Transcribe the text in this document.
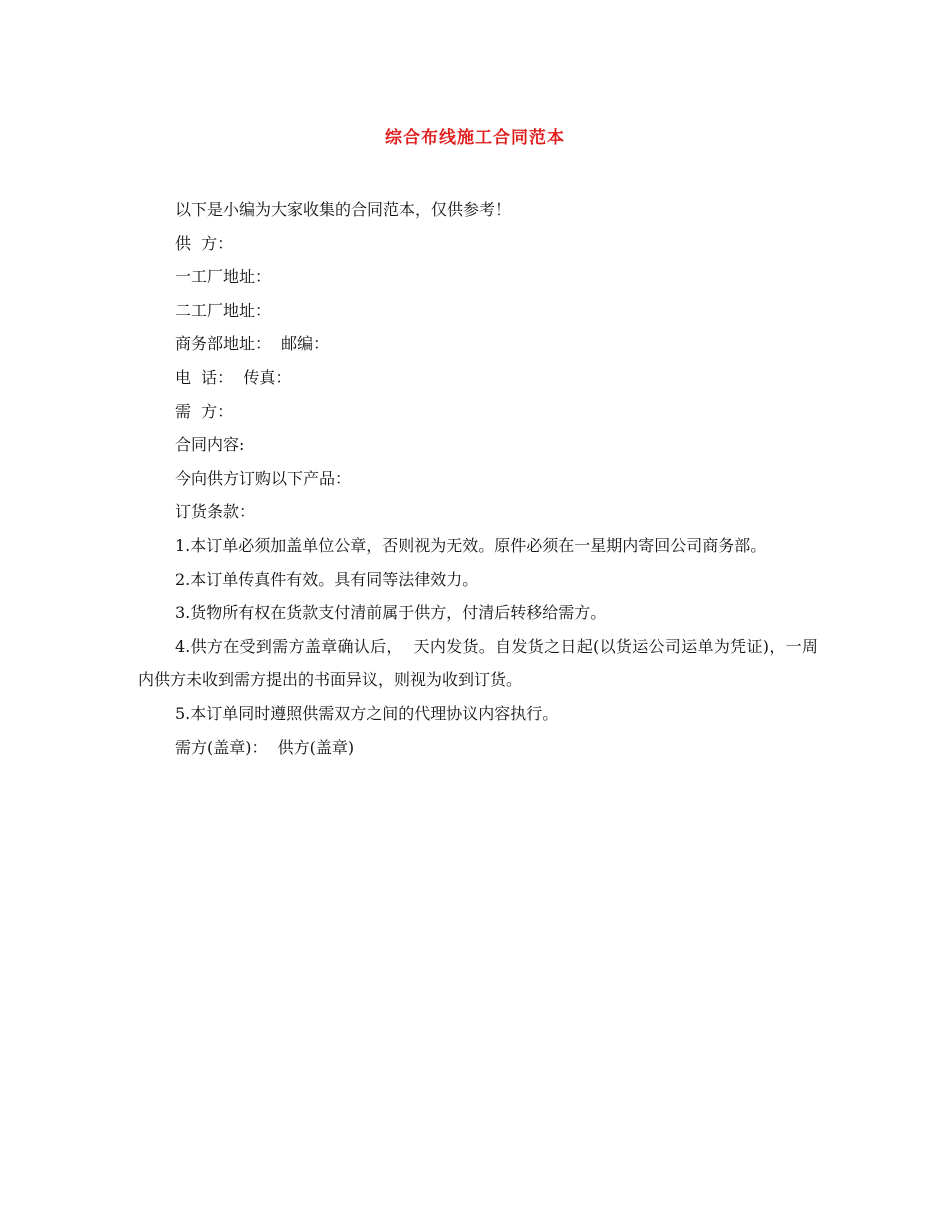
综合布线施工合同范本

以下是小编为大家收集的合同范本，仅供参考！

供  方：

一工厂地址：

二工厂地址：

商务部地址：  邮编：

电  话：  传真：

需  方：

合同内容:

今向供方订购以下产品：

订货条款：

1.本订单必须加盖单位公章，否则视为无效。原件必须在一星期内寄回公司商务部。

2.本订单传真件有效。具有同等法律效力。

3.货物所有权在货款支付清前属于供方，付清后转移给需方。

4.供方在受到需方盖章确认后，  天内发货。自发货之日起(以货运公司运单为凭证)，一周内供方未收到需方提出的书面异议，则视为收到订货。

5.本订单同时遵照供需双方之间的代理协议内容执行。

需方(盖章)：  供方(盖章)
